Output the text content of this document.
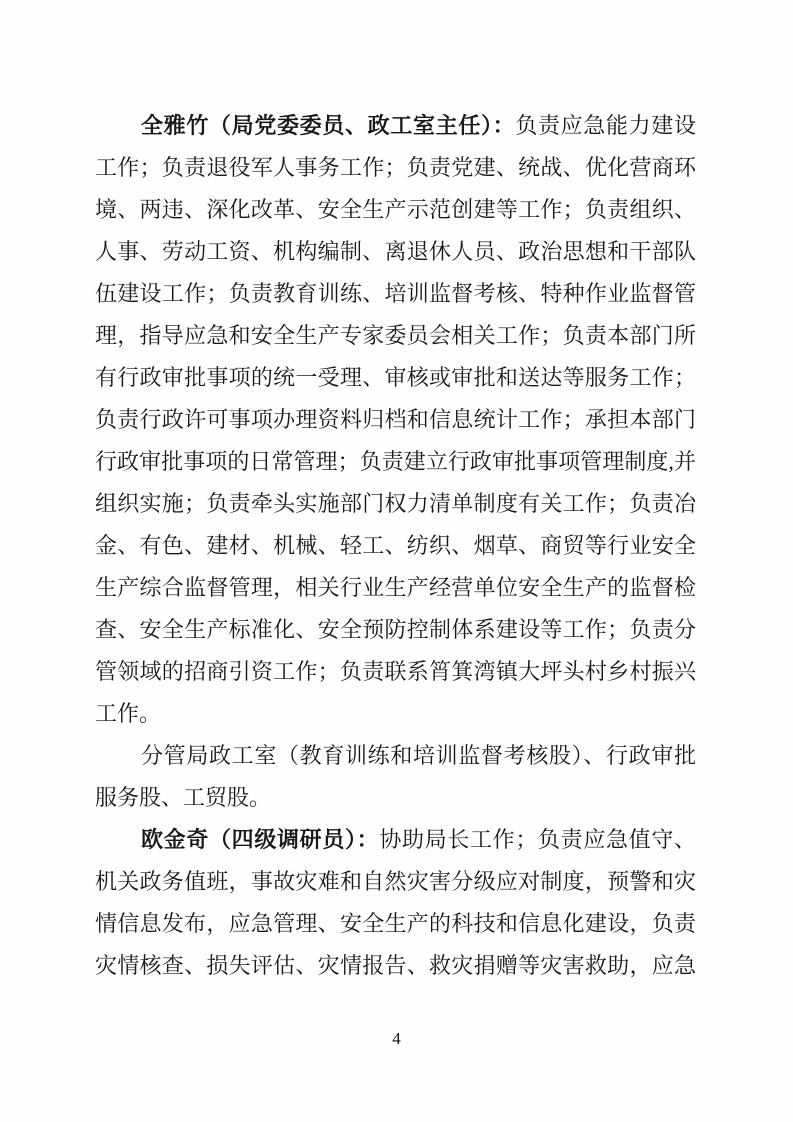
全雅竹（局党委委员、政工室主任）：负责应急能力建设
工作；负责退役军人事务工作；负责党建、统战、优化营商环
境、两违、深化改革、安全生产示范创建等工作；负责组织、
人事、劳动工资、机构编制、离退休人员、政治思想和干部队
伍建设工作；负责教育训练、培训监督考核、特种作业监督管
理，指导应急和安全生产专家委员会相关工作；负责本部门所
有行政审批事项的统一受理、审核或审批和送达等服务工作；
负责行政许可事项办理资料归档和信息统计工作；承担本部门
行政审批事项的日常管理；负责建立行政审批事项管理制度,并
组织实施；负责牵头实施部门权力清单制度有关工作；负责冶
金、有色、建材、机械、轻工、纺织、烟草、商贸等行业安全
生产综合监督管理，相关行业生产经营单位安全生产的监督检
查、安全生产标准化、安全预防控制体系建设等工作；负责分
管领域的招商引资工作；负责联系筲箕湾镇大坪头村乡村振兴
工作。
分管局政工室（教育训练和培训监督考核股）、行政审批
服务股、工贸股。
欧金奇（四级调研员）：协助局长工作；负责应急值守、
机关政务值班，事故灾难和自然灾害分级应对制度，预警和灾
情信息发布，应急管理、安全生产的科技和信息化建设，负责
灾情核查、损失评估、灾情报告、救灾捐赠等灾害救助，应急
4
